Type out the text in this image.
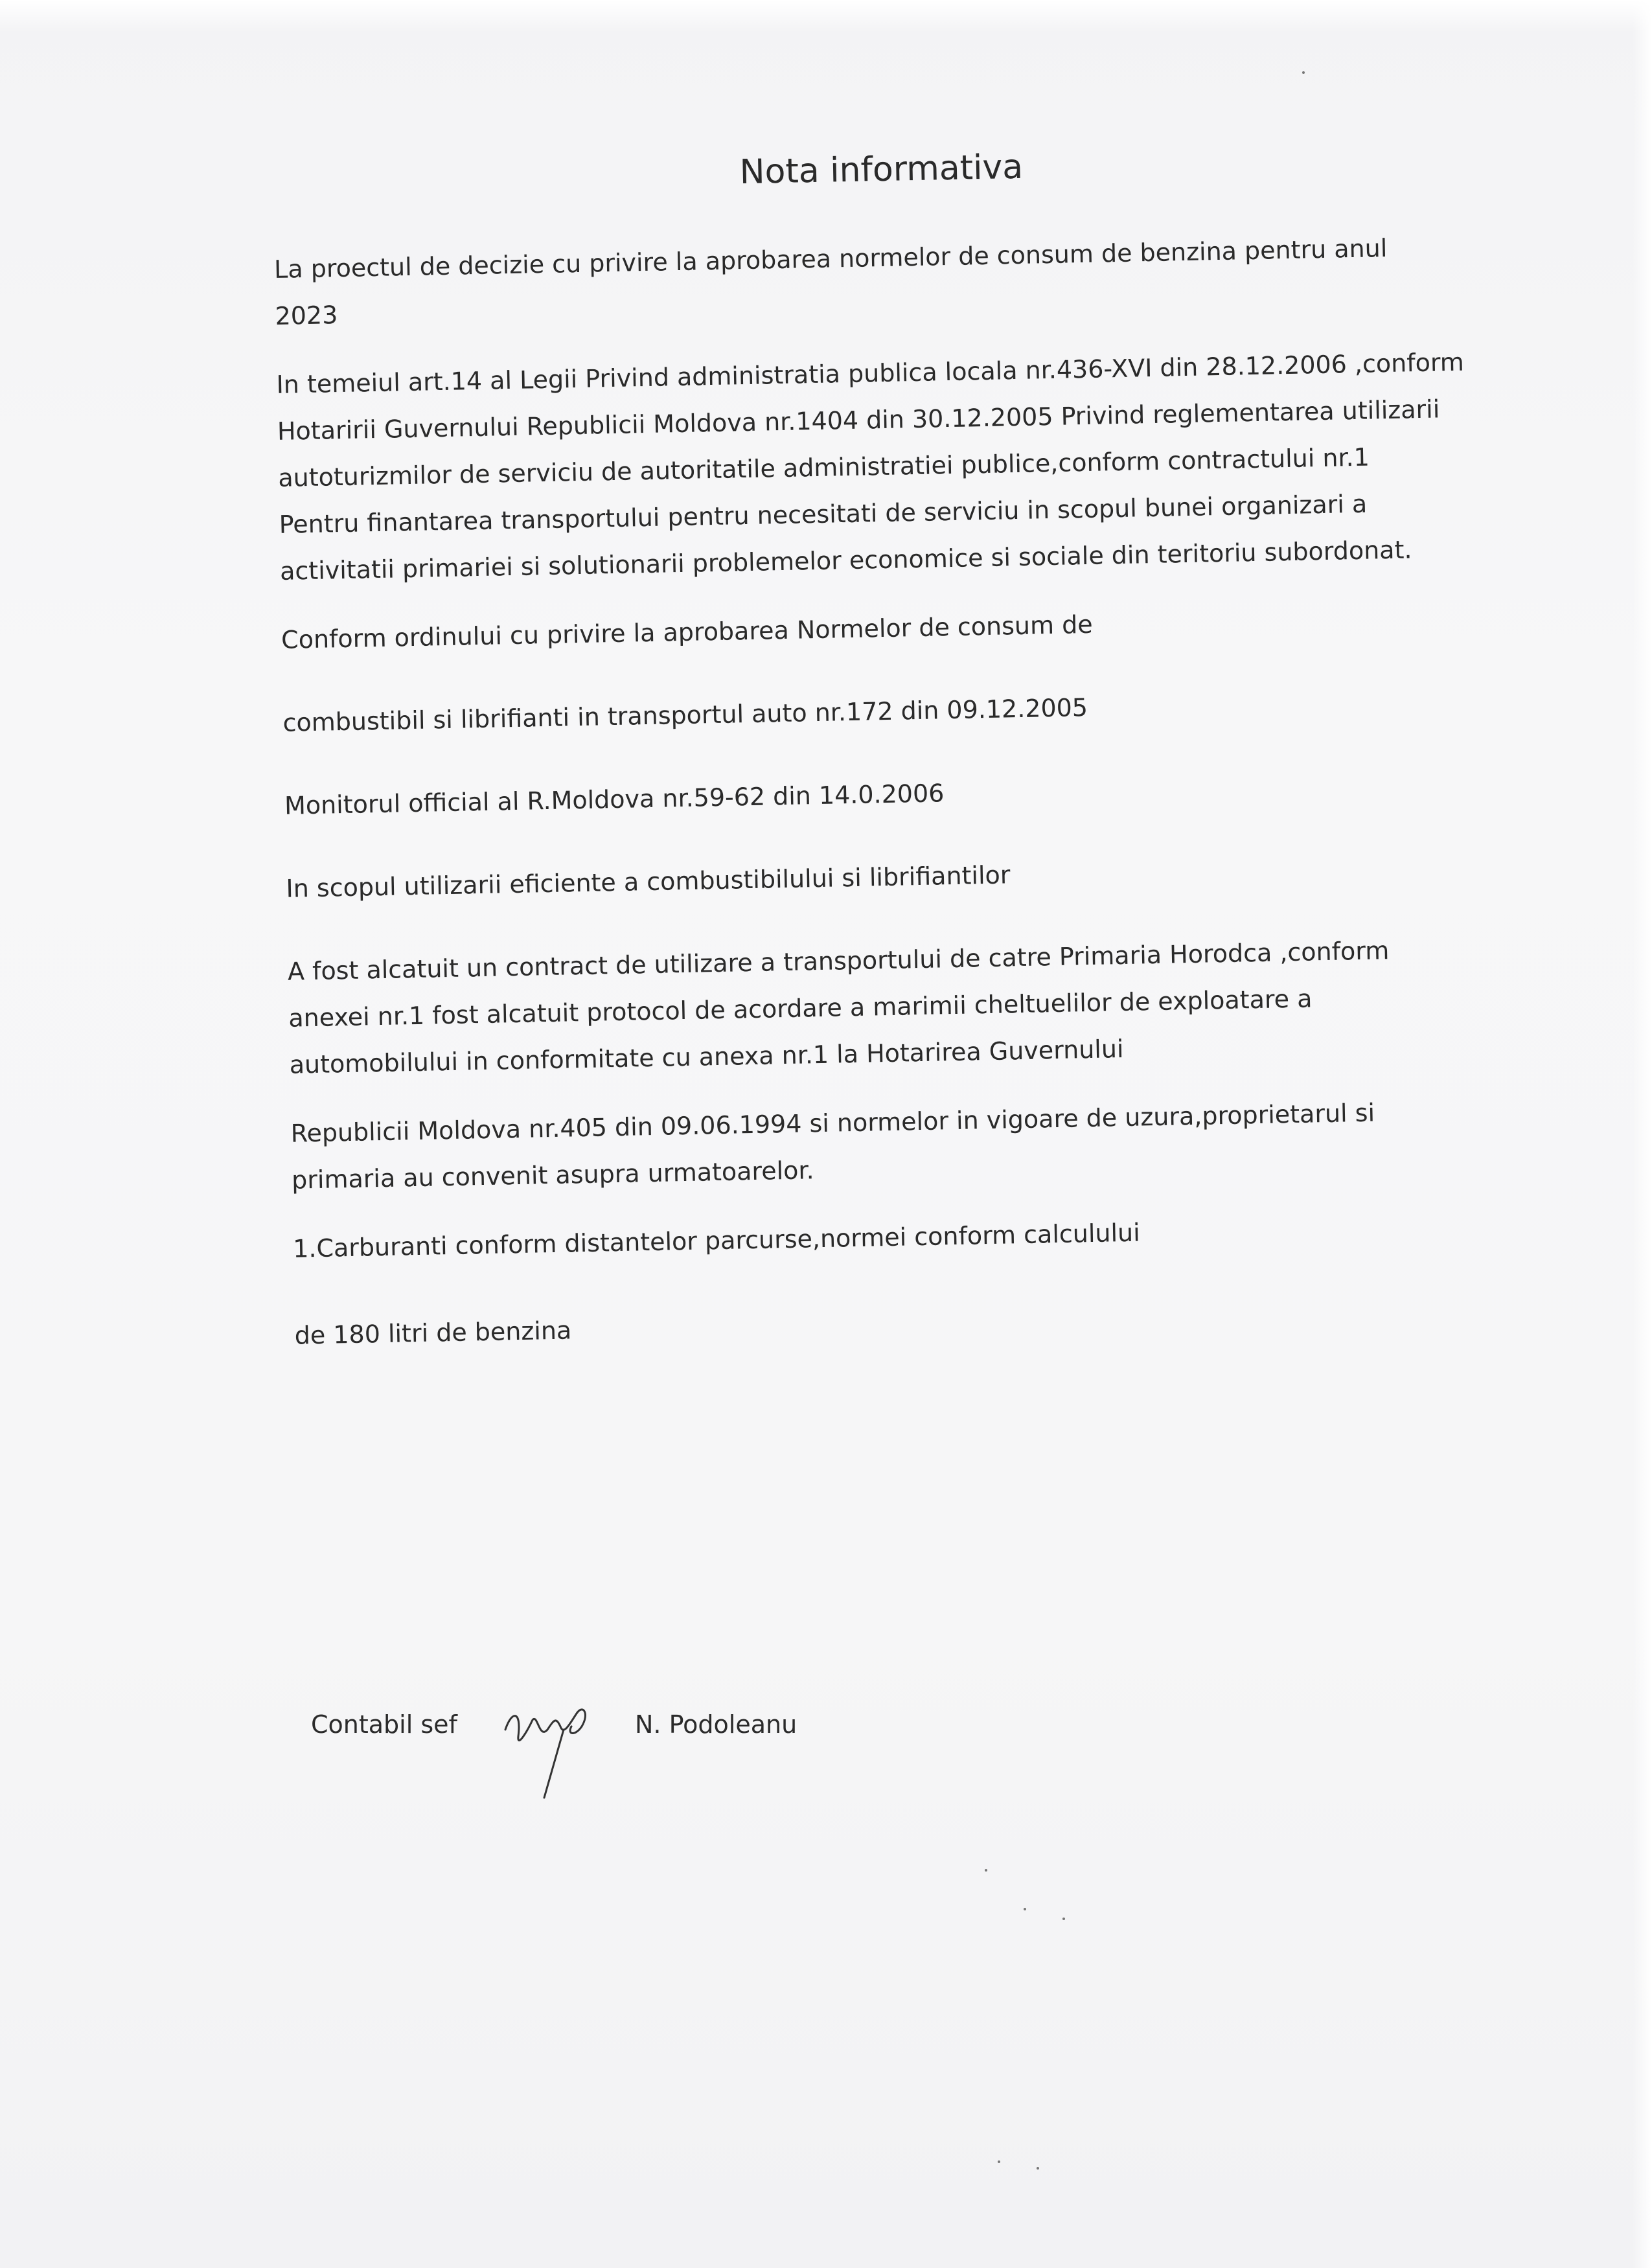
Nota informativa

La proectul de decizie cu privire la aprobarea normelor de consum de benzina pentru anul

2023

In temeiul art.14 al Legii Privind administratia publica locala nr.436-XVI din 28.12.2006 ,conform

Hotaririi Guvernului Republicii Moldova nr.1404 din 30.12.2005 Privind reglementarea utilizarii

autoturizmilor de serviciu de autoritatile administratiei publice,conform contractului nr.1

Pentru finantarea transportului pentru necesitati de serviciu in scopul bunei organizari a

activitatii primariei si solutionarii problemelor economice si sociale din teritoriu subordonat.

Conform ordinului cu privire la aprobarea Normelor de consum de

combustibil si librifianti in transportul auto nr.172 din 09.12.2005

Monitorul official al R.Moldova nr.59-62 din 14.0.2006

In scopul utilizarii eficiente a combustibilului si librifiantilor

A fost alcatuit un contract de utilizare a transportului de catre Primaria Horodca ,conform

anexei nr.1 fost alcatuit protocol de acordare a marimii cheltuelilor de exploatare a

automobilului in conformitate cu anexa nr.1 la Hotarirea Guvernului

Republicii Moldova nr.405 din 09.06.1994 si normelor in vigoare de uzura,proprietarul si

primaria au convenit asupra urmatoarelor.

1.Carburanti conform distantelor parcurse,normei conform calculului

de 180 litri de benzina

Contabil sef	N. Podoleanu
